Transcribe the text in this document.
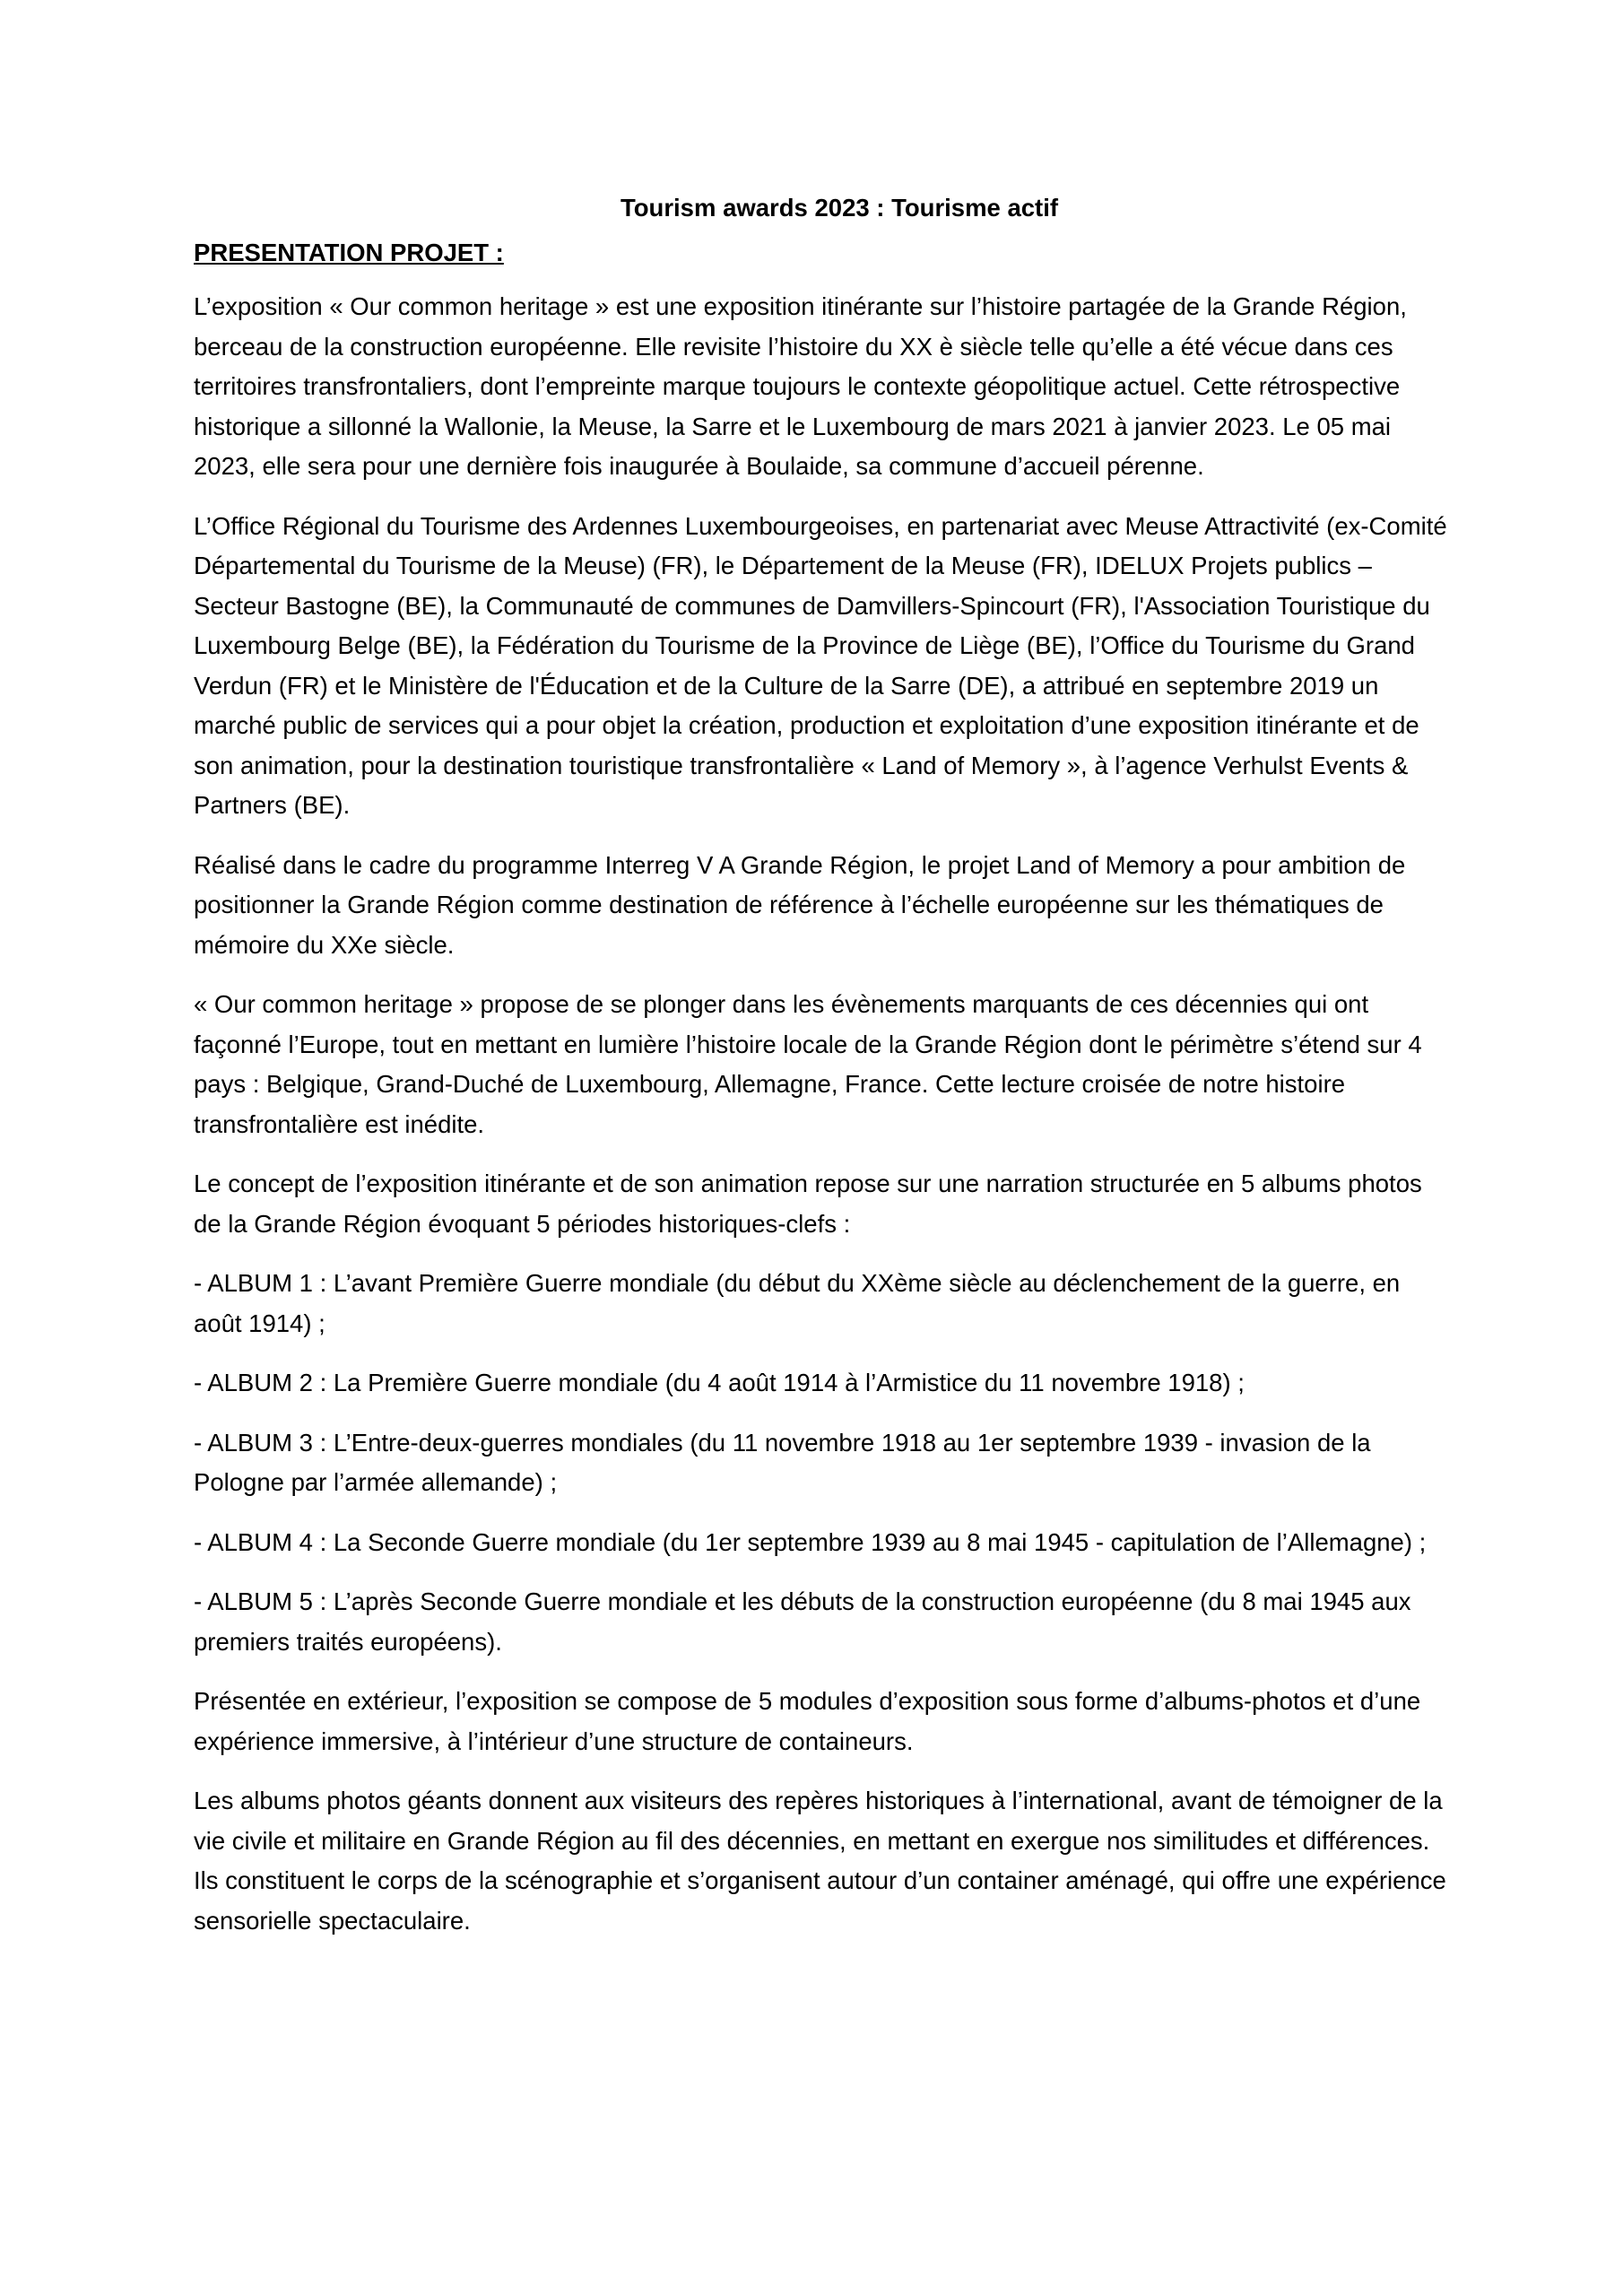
Tourism awards 2023 : Tourisme actif
PRESENTATION PROJET :

L’exposition « Our common heritage » est une exposition itinérante sur l’histoire partagée de la Grande Région, berceau de la construction européenne. Elle revisite l’histoire du XX è siècle telle qu’elle a été vécue dans ces territoires transfrontaliers, dont l’empreinte marque toujours le contexte géopolitique actuel. Cette rétrospective historique a sillonné la Wallonie, la Meuse, la Sarre et le Luxembourg de mars 2021 à janvier 2023. Le 05 mai 2023, elle sera pour une dernière fois inaugurée à Boulaide, sa commune d’accueil pérenne.

L’Office Régional du Tourisme des Ardennes Luxembourgeoises, en partenariat avec Meuse Attractivité (ex-Comité Départemental du Tourisme de la Meuse) (FR), le Département de la Meuse (FR), IDELUX Projets publics – Secteur Bastogne (BE), la Communauté de communes de Damvillers-Spincourt (FR), l'Association Touristique du Luxembourg Belge (BE), la Fédération du Tourisme de la Province de Liège (BE), l’Office du Tourisme du Grand Verdun (FR) et le Ministère de l'Éducation et de la Culture de la Sarre (DE), a attribué en septembre 2019 un marché public de services qui a pour objet la création, production et exploitation d’une exposition itinérante et de son animation, pour la destination touristique transfrontalière « Land of Memory », à l’agence Verhulst Events & Partners (BE).

Réalisé dans le cadre du programme Interreg V A Grande Région, le projet Land of Memory a pour ambition de positionner la Grande Région comme destination de référence à l’échelle européenne sur les thématiques de mémoire du XXe siècle.

« Our common heritage » propose de se plonger dans les évènements marquants de ces décennies qui ont façonné l’Europe, tout en mettant en lumière l’histoire locale de la Grande Région dont le périmètre s’étend sur 4 pays : Belgique, Grand-Duché de Luxembourg, Allemagne, France. Cette lecture croisée de notre histoire transfrontalière est inédite.

Le concept de l’exposition itinérante et de son animation repose sur une narration structurée en 5 albums photos de la Grande Région évoquant 5 périodes historiques-clefs :

- ALBUM 1 : L’avant Première Guerre mondiale (du début du XXème siècle au déclenchement de la guerre, en août 1914) ;

- ALBUM 2 : La Première Guerre mondiale (du 4 août 1914 à l’Armistice du 11 novembre 1918) ;

- ALBUM 3 : L’Entre-deux-guerres mondiales (du 11 novembre 1918 au 1er septembre 1939 - invasion de la Pologne par l’armée allemande) ;

- ALBUM 4 : La Seconde Guerre mondiale (du 1er septembre 1939 au 8 mai 1945 - capitulation de l’Allemagne) ;

- ALBUM 5 : L’après Seconde Guerre mondiale et les débuts de la construction européenne (du 8 mai 1945 aux premiers traités européens).

Présentée en extérieur, l’exposition se compose de 5 modules d’exposition sous forme d’albums-photos et d’une expérience immersive, à l’intérieur d’une structure de containeurs.

Les albums photos géants donnent aux visiteurs des repères historiques à l’international, avant de témoigner de la vie civile et militaire en Grande Région au fil des décennies, en mettant en exergue nos similitudes et différences. Ils constituent le corps de la scénographie et s’organisent autour d’un container aménagé, qui offre une expérience sensorielle spectaculaire.
